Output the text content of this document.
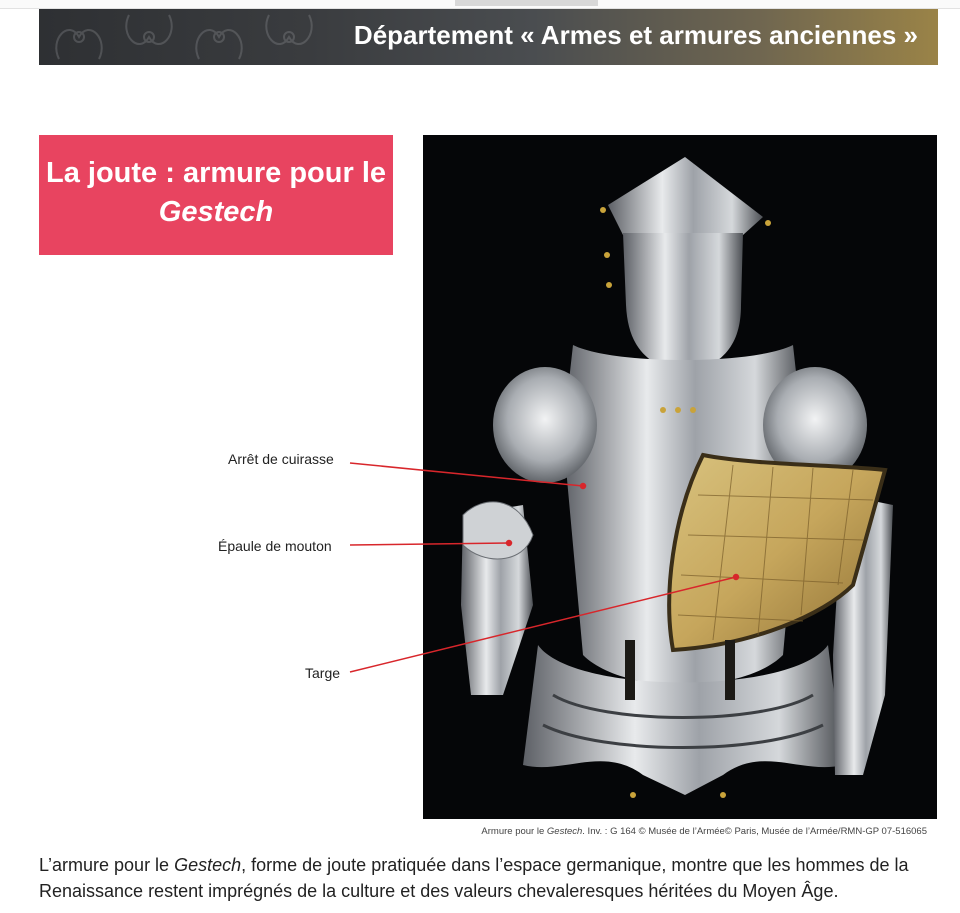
Département « Armes et armures anciennes »
La joute : armure pour le Gestech
Arrêt de cuirasse
Épaule de mouton
Targe
Armure pour le Gestech. Inv. : G 164 © Musée de l’Armée© Paris, Musée de l’Armée/RMN-GP 07-516065
L’armure pour le Gestech, forme de joute pratiquée dans l’espace germanique, montre que les hommes de la Renaissance restent imprégnés de la culture et des valeurs chevaleresques héritées du Moyen Âge.
